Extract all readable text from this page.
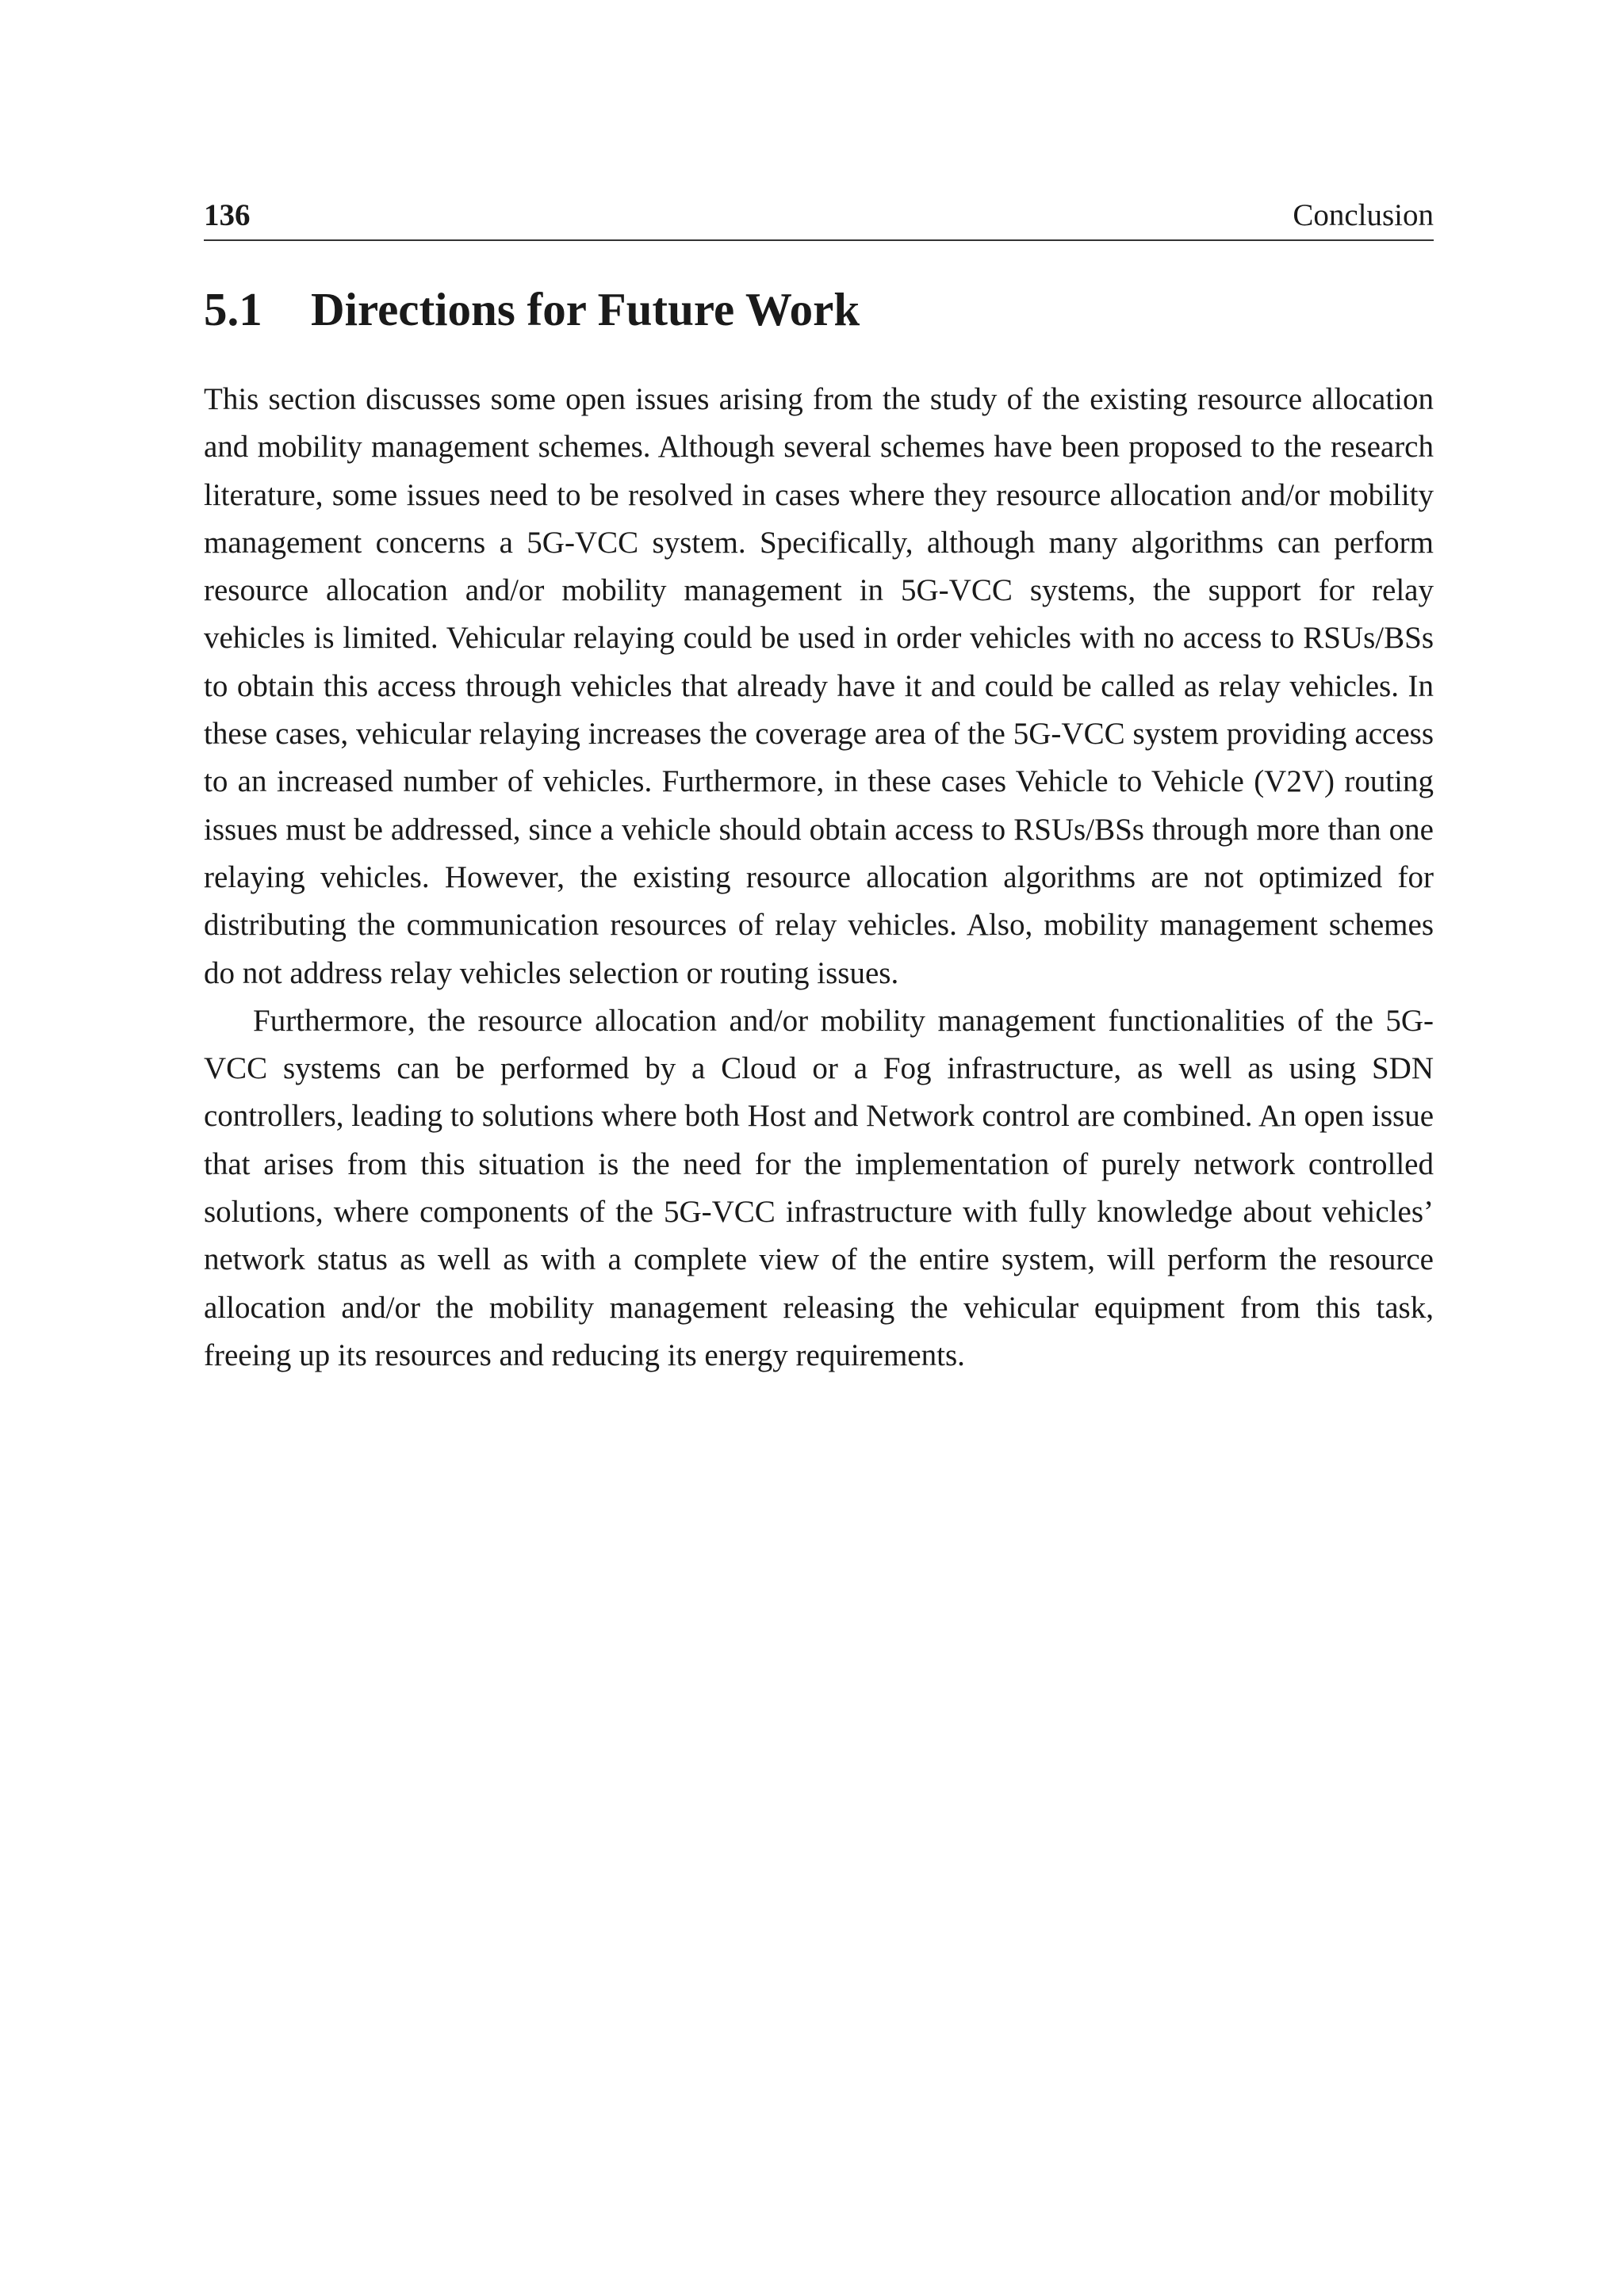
136	Conclusion
5.1 Directions for Future Work

This section discusses some open issues arising from the study of the existing resource allocation and mobility management schemes. Although several schemes have been proposed to the research literature, some issues need to be resolved in cases where they resource allocation and/or mobility management concerns a 5G-VCC system. Specifically, although many algorithms can perform resource allocation and/or mobility management in 5G-VCC systems, the support for relay vehicles is limited. Vehicular relaying could be used in order vehicles with no access to RSUs/BSs to obtain this access through vehicles that already have it and could be called as relay vehicles. In these cases, vehicular relaying increases the coverage area of the 5G-VCC system providing access to an increased number of vehicles. Furthermore, in these cases Vehicle to Vehicle (V2V) routing issues must be addressed, since a vehicle should obtain access to RSUs/BSs through more than one relaying vehicles. However, the existing resource allocation algorithms are not optimized for distributing the communication resources of relay vehicles. Also, mobility management schemes do not address relay vehicles selection or routing issues.

Furthermore, the resource allocation and/or mobility management functionalities of the 5G-VCC systems can be performed by a Cloud or a Fog infrastructure, as well as using SDN controllers, leading to solutions where both Host and Network control are combined. An open issue that arises from this situation is the need for the implementation of purely network controlled solutions, where components of the 5G-VCC infrastructure with fully knowledge about vehicles’ network status as well as with a complete view of the entire system, will perform the resource allocation and/or the mobility management releasing the vehicular equipment from this task, freeing up its resources and reducing its energy requirements.
